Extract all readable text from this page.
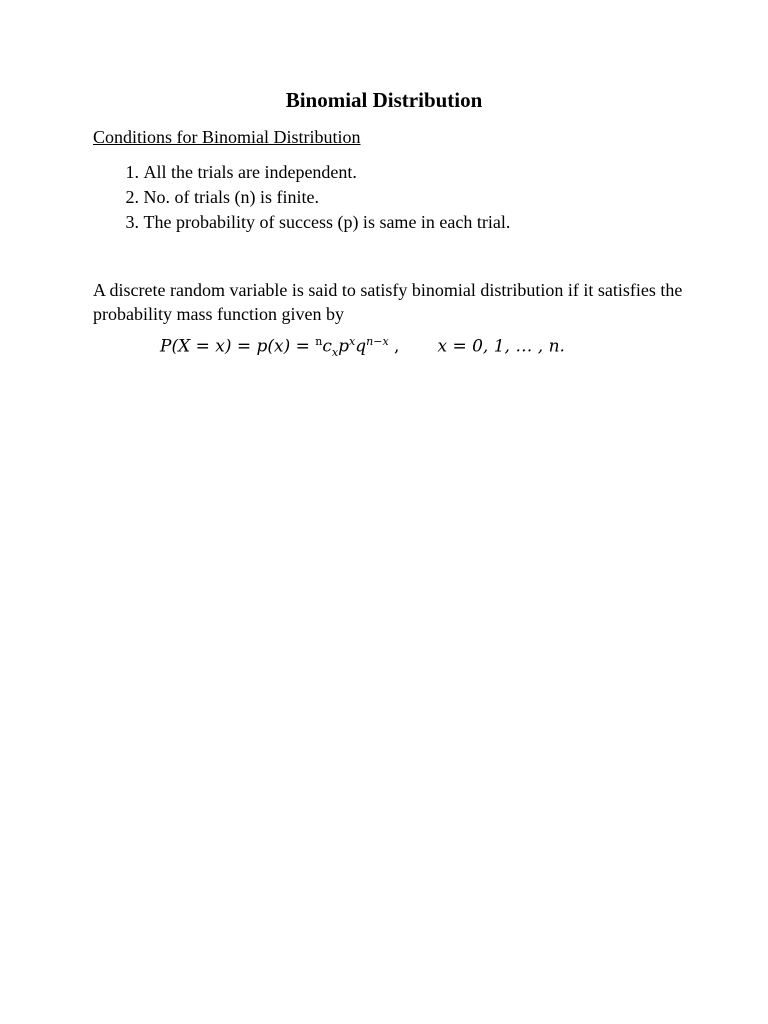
Binomial Distribution

Conditions for Binomial Distribution

1. All the trials are independent.
2. No. of trials (n) is finite.
3. The probability of success (p) is same in each trial.

A discrete random variable is said to satisfy binomial distribution if it satisfies the probability mass function given by

$P(X = x) = p(x) = ^nc_xp^xq^{n-x}$ , x = 0, 1, … , n.
